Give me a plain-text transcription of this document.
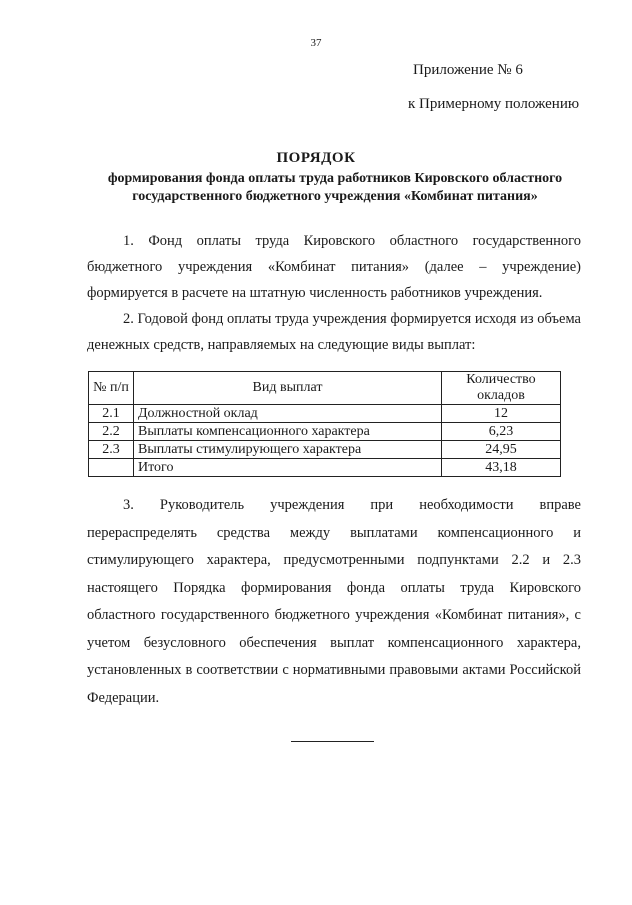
37
Приложение № 6
к Примерному положению
ПОРЯДОК
формирования фонда оплаты труда работников Кировского областного
государственного бюджетного учреждения «Комбинат питания»
1. Фонд оплаты труда Кировского областного государственного бюджетного учреждения «Комбинат питания» (далее – учреждение) формируется в расчете на штатную численность работников учреждения.
2. Годовой фонд оплаты труда учреждения формируется исходя из объема денежных средств, направляемых на следующие виды выплат:
№ п/п	Вид выплат	Количество окладов
2.1	Должностной оклад	12
2.2	Выплаты компенсационного характера	6,23
2.3	Выплаты стимулирующего характера	24,95
	Итого	43,18
3. Руководитель учреждения при необходимости вправе перераспределять средства между выплатами компенсационного и стимулирующего характера, предусмотренными подпунктами 2.2 и 2.3 настоящего Порядка формирования фонда оплаты труда Кировского областного государственного бюджетного учреждения «Комбинат питания», с учетом безусловного обеспечения выплат компенсационного характера, установленных в соответствии с нормативными правовыми актами Российской Федерации.
